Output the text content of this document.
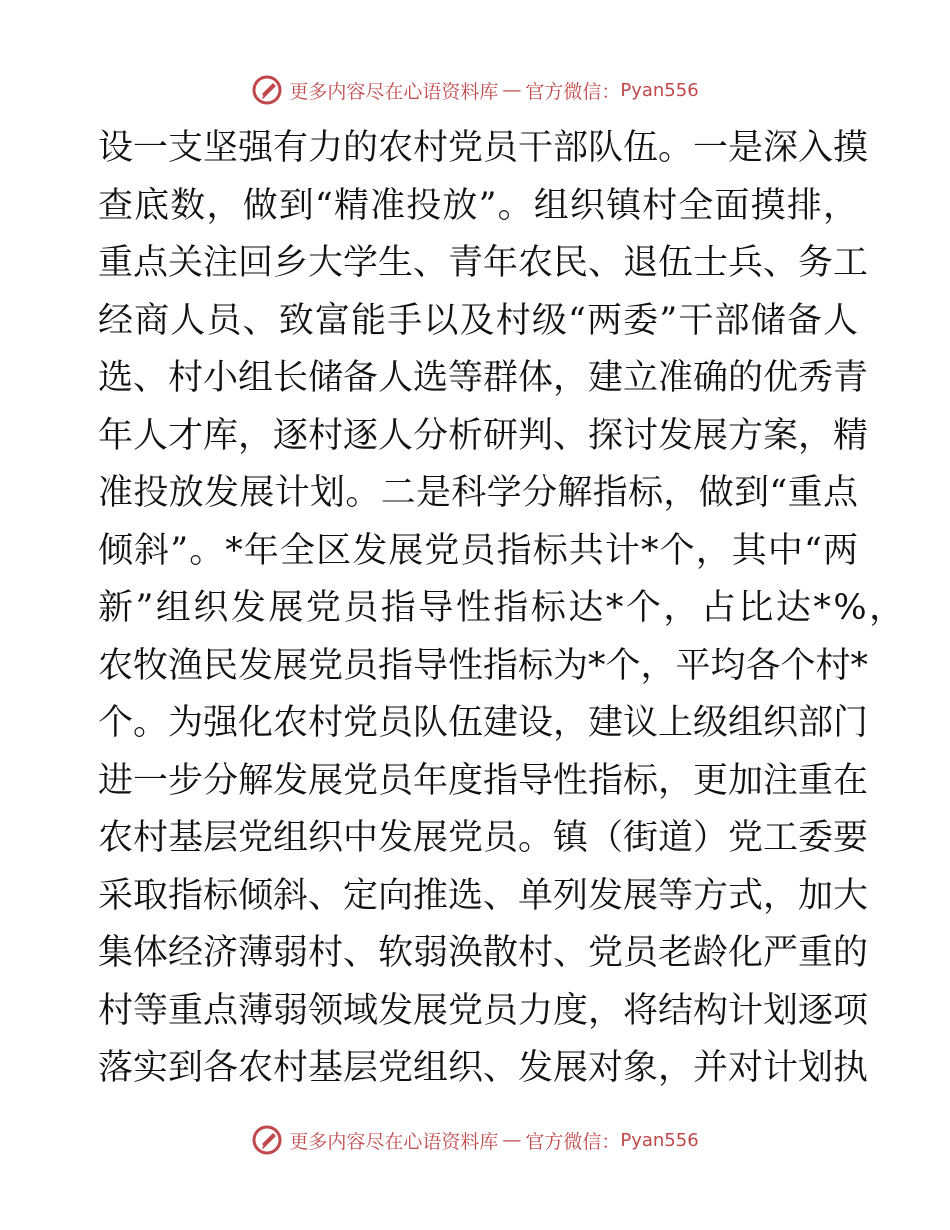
更多内容尽在心语资料库 — 官方微信： Pyan556
设一支坚强有力的农村党员干部队伍。一是深入摸
查底数，做到“精准投放”。组织镇村全面摸排，
重点关注回乡大学生、青年农民、退伍士兵、务工
经商人员、致富能手以及村级“两委”干部储备人
选、村小组长储备人选等群体，建立准确的优秀青
年人才库，逐村逐人分析研判、探讨发展方案，精
准投放发展计划。二是科学分解指标，做到“重点
倾斜”。*年全区发展党员指标共计*个，其中“两
新”组织发展党员指导性指标达*个，占比达*%，
农牧渔民发展党员指导性指标为*个，平均各个村*
个。为强化农村党员队伍建设，建议上级组织部门
进一步分解发展党员年度指导性指标，更加注重在
农村基层党组织中发展党员。镇（街道）党工委要
采取指标倾斜、定向推选、单列发展等方式，加大
集体经济薄弱村、软弱涣散村、党员老龄化严重的
村等重点薄弱领域发展党员力度，将结构计划逐项
落实到各农村基层党组织、发展对象，并对计划执
更多内容尽在心语资料库 — 官方微信： Pyan556
